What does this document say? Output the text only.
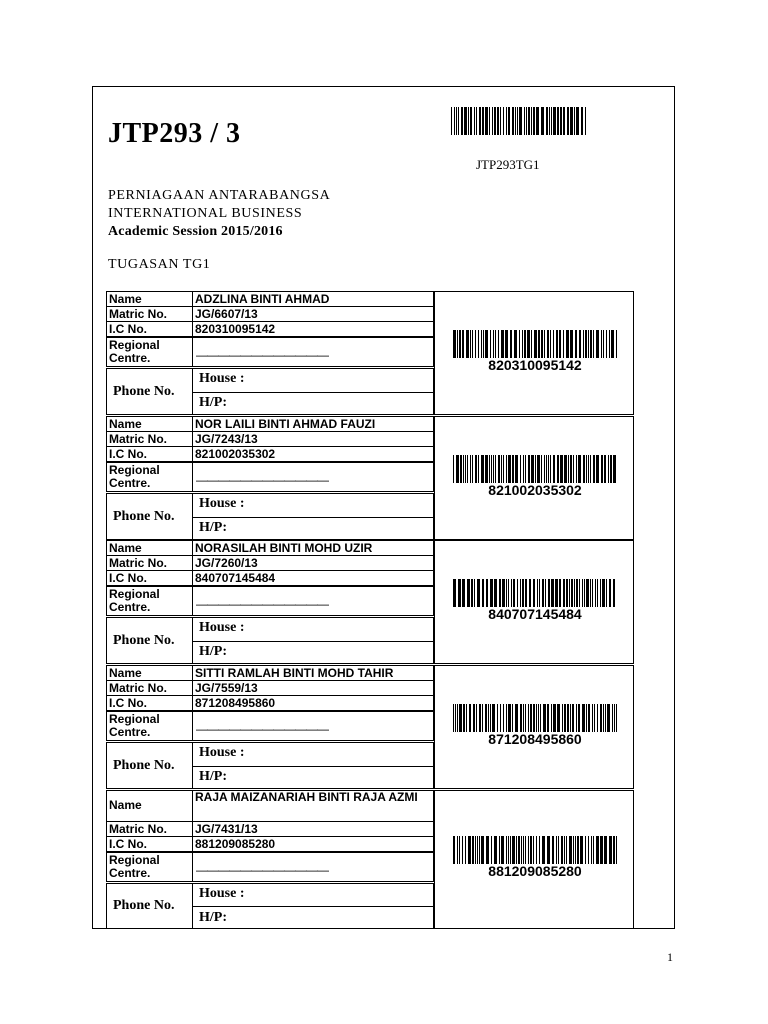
JTP293 / 3
JTP293TG1
PERNIAGAAN ANTARABANGSA
INTERNATIONAL BUSINESS
Academic Session 2015/2016
TUGASAN TG1
Name	ADZLINA BINTI AHMAD
Matric No. JG/6607/13
I.C No.	820310095142
Regional
Centre.	————————————
Phone No.
House :
H/P:
820310095142
Name	NOR LAILI BINTI AHMAD FAUZI
Matric No. JG/7243/13
I.C No.	821002035302
Regional
Centre.	————————————
Phone No.
House :
H/P:
821002035302
Name	NORASILAH BINTI MOHD UZIR
Matric No. JG/7260/13
I.C No.	840707145484
Regional
Centre.	————————————
Phone No.
House :
H/P:
840707145484
Name	SITTI RAMLAH BINTI MOHD TAHIR
Matric No. JG/7559/13
I.C No.	871208495860
Regional
Centre.	————————————
Phone No.
House :
H/P:
871208495860
Name
RAJA MAIZANARIAH BINTI RAJA AZMI
Matric No. JG/7431/13
I.C No.	881209085280
Regional
Centre.	————————————
Phone No.
House :
H/P:
881209085280
1
